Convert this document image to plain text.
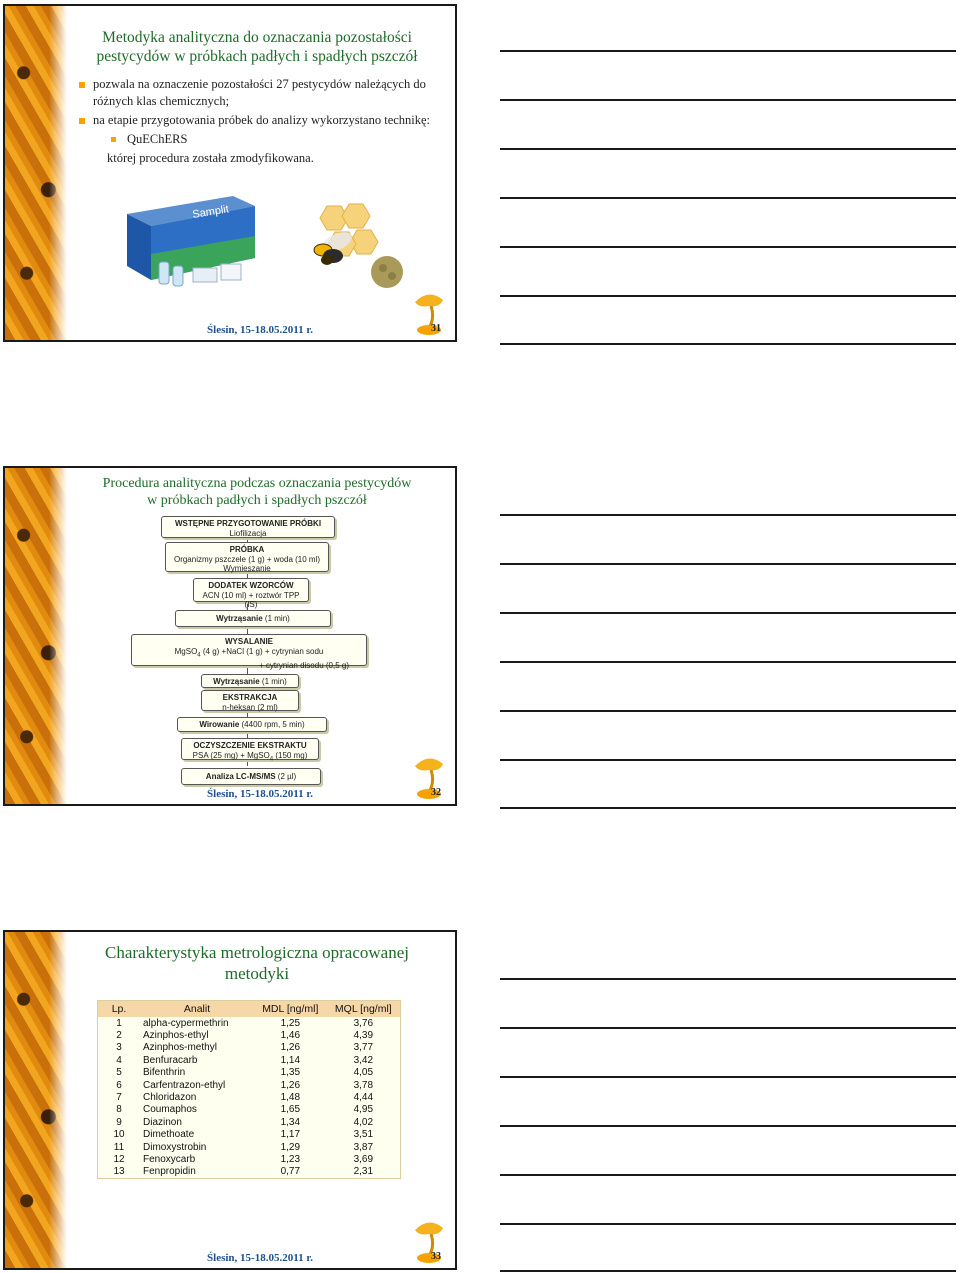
Metodyka analityczna do oznaczania pozostałości
pestycydów w próbkach padłych i spadłych pszczół
pozwala na oznaczenie pozostałości 27 pestycydów należących do
różnych klas chemicznych;
na etapie przygotowania próbek do analizy wykorzystano technikę:
QuEChERS
której procedura została zmodyfikowana.
Samplit
Ślesin, 15-18.05.2011 r.	31
Procedura analityczna podczas oznaczania pestycydów
w próbkach padłych i spadłych pszczół
WSTĘPNE PRZYGOTOWANIE PRÓBKI
Liofilizacja
PRÓBKA
Organizmy pszczele (1 g) + woda (10 ml)
Wymieszanie
DODATEK WZORCÓW
ACN (10 ml) + roztwór TPP (IS)
Wytrząsanie (1 min)
WYSALANIE
MgSO$_4$ (4 g) +NaCl (1 g) + cytrynian sodu
+ cytrynian disodu (0,5 g)
Wytrząsanie (1 min)
EKSTRAKCJA
n-heksan (2 ml)
Wirowanie (4400 rpm, 5 min)
OCZYSZCZENIE EKSTRAKTU
PSA (25 mg) + MgSO$_4$ (150 mg)
Analiza LC-MS/MS (2 µl)
Ślesin, 15-18.05.2011 r.	32
Charakterystyka metrologiczna opracowanej
metodyki
Lp.	Analit	MDL [ng/ml]	MQL [ng/ml]
1	alpha-cypermethrin	1,25	3,76
2	Azinphos-ethyl	1,46	4,39
3	Azinphos-methyl	1,26	3,77
4	Benfuracarb	1,14	3,42
5	Bifenthrin	1,35	4,05
6	Carfentrazon-ethyl	1,26	3,78
7	Chloridazon	1,48	4,44
8	Coumaphos	1,65	4,95
9	Diazinon	1,34	4,02
10	Dimethoate	1,17	3,51
11	Dimoxystrobin	1,29	3,87
12	Fenoxycarb	1,23	3,69
13	Fenpropidin	0,77	2,31
Ślesin, 15-18.05.2011 r.	33
